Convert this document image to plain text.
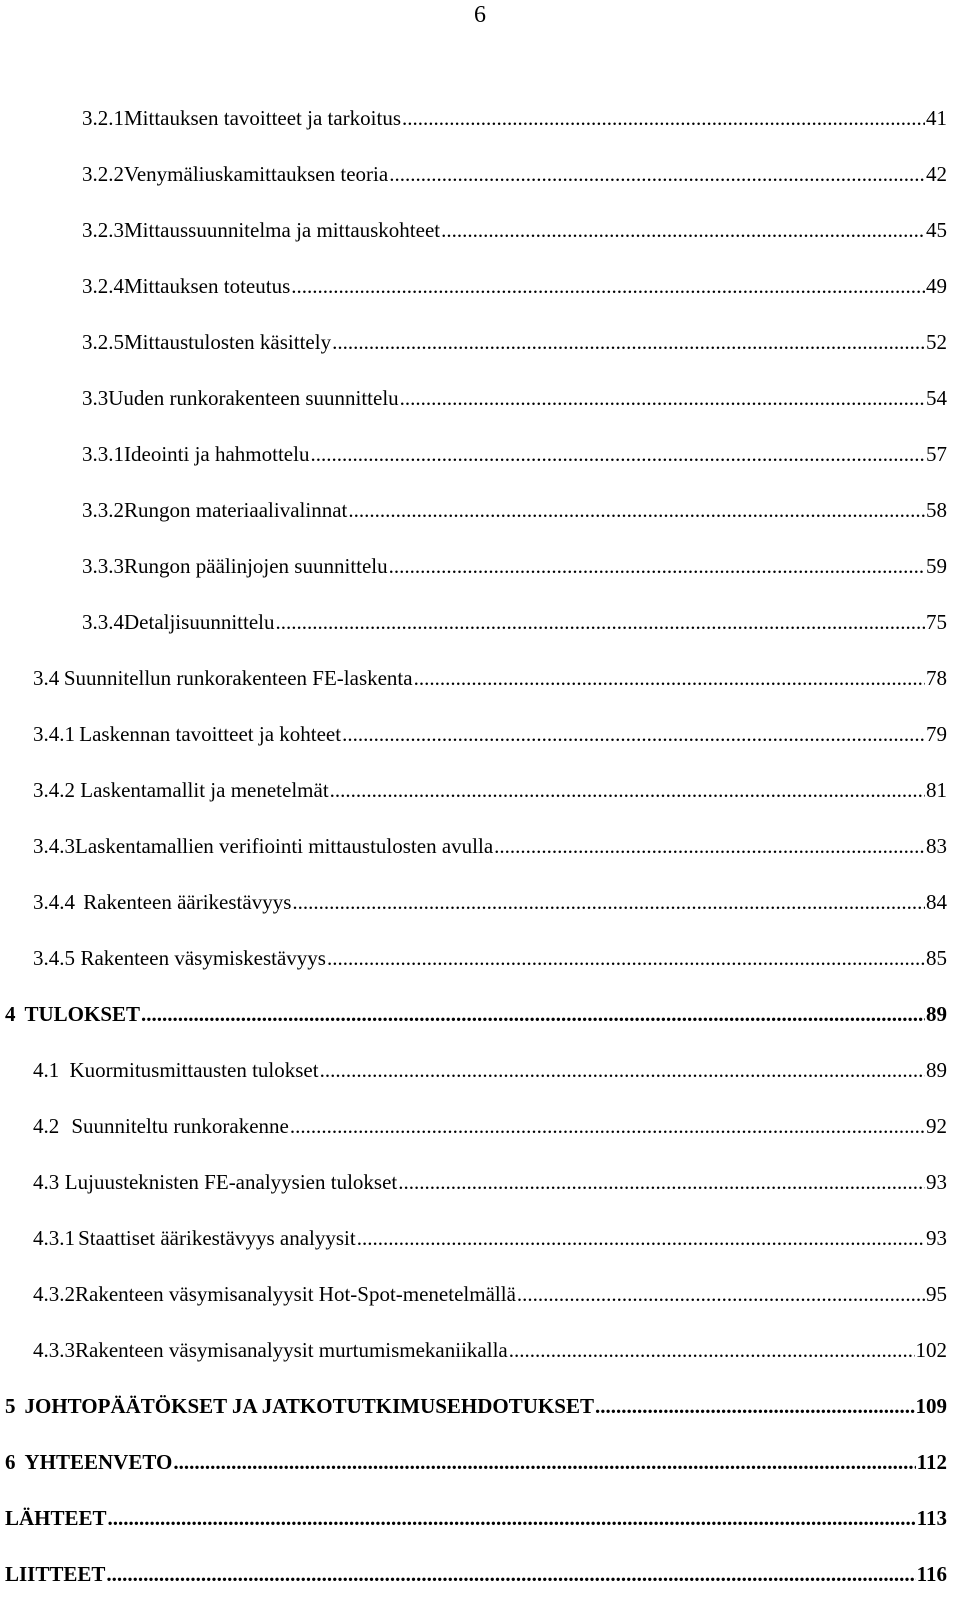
6
3.2.1 Mittauksen tavoitteet ja tarkoitus .....	41
3.2.2 Venymäliuskamittauksen teoria .....	42
3.2.3 Mittaussuunnitelma ja mittauskohteet .....	45
3.2.4 Mittauksen toteutus .....	49
3.2.5 Mittaustulosten käsittely .....	52
3.3 Uuden runkorakenteen suunnittelu .....	54
3.3.1 Ideointi ja hahmottelu .....	57
3.3.2 Rungon materiaalivalinnat .....	58
3.3.3 Rungon päälinjojen suunnittelu .....	59
3.3.4 Detaljisuunnittelu .....	75
3.4 Suunnitellun runkorakenteen FE-laskenta .....	78
3.4.1 Laskennan tavoitteet ja kohteet .....	79
3.4.2 Laskentamallit ja menetelmät .....	81
3.4.3 Laskentamallien verifiointi mittaustulosten avulla .....	83
3.4.4 Rakenteen äärikestävyys .....	84
3.4.5 Rakenteen väsymiskestävyys .....	85
4 TULOKSET .....	89
4.1 Kuormitusmittausten tulokset .....	89
4.2 Suunniteltu runkorakenne .....	92
4.3 Lujuusteknisten FE-analyysien tulokset .....	93
4.3.1 Staattiset äärikestävyys analyysit .....	93
4.3.2 Rakenteen väsymisanalyysit Hot-Spot-menetelmällä .....	95
4.3.3 Rakenteen väsymisanalyysit murtumismekaniikalla .....	102
5 JOHTOPÄÄTÖKSET JA JATKOTUTKIMUSEHDOTUKSET .....	109
6 YHTEENVETO .....	112
LÄHTEET .....	113
LIITTEET .....	116
